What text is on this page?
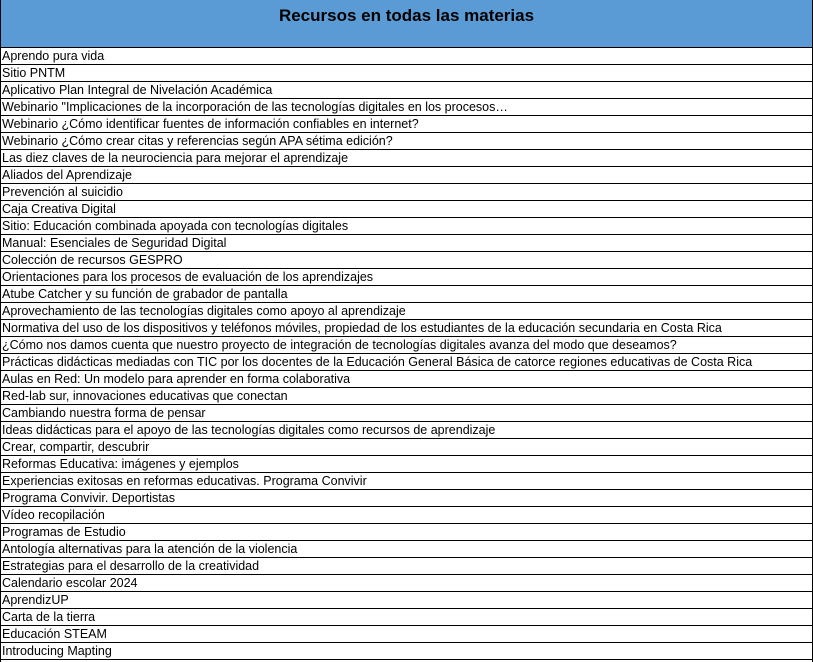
Recursos en todas las materias
Aprendo pura vida
Sitio PNTM
Aplicativo Plan Integral de Nivelación Académica
Webinario "Implicaciones de la incorporación de las tecnologías digitales en los procesos…
Webinario ¿Cómo identificar fuentes de información confiables en internet?
Webinario ¿Cómo crear citas y referencias según APA sétima edición?
Las diez claves de la neurociencia para mejorar el aprendizaje
Aliados del Aprendizaje
Prevención al suicidio
Caja Creativa Digital
Sitio: Educación combinada apoyada con tecnologías digitales
Manual: Esenciales de Seguridad Digital
Colección de recursos GESPRO
Orientaciones para los procesos de evaluación de los aprendizajes
Atube Catcher y su función de grabador de pantalla
Aprovechamiento de las tecnologías digitales como apoyo al aprendizaje
Normativa del uso de los dispositivos y teléfonos móviles, propiedad de los estudiantes de la educación secundaria en Costa Rica
¿Cómo nos damos cuenta que nuestro proyecto de integración de tecnologías digitales avanza del modo que deseamos?
Prácticas didácticas mediadas con TIC por los docentes de la Educación General Básica de catorce regiones educativas de Costa Rica
Aulas en Red: Un modelo para aprender en forma colaborativa
Red-lab sur, innovaciones educativas que conectan
Cambiando nuestra forma de pensar
Ideas didácticas para el apoyo de las tecnologías digitales como recursos de aprendizaje
Crear, compartir, descubrir
Reformas Educativa: imágenes y ejemplos
Experiencias exitosas en reformas educativas. Programa Convivir
Programa Convivir. Deportistas
Vídeo recopilación
Programas de Estudio
Antología alternativas para la atención de la violencia
Estrategias para el desarrollo de la creatividad
Calendario escolar 2024
AprendizUP
Carta de la tierra
Educación STEAM
Introducing Mapting
